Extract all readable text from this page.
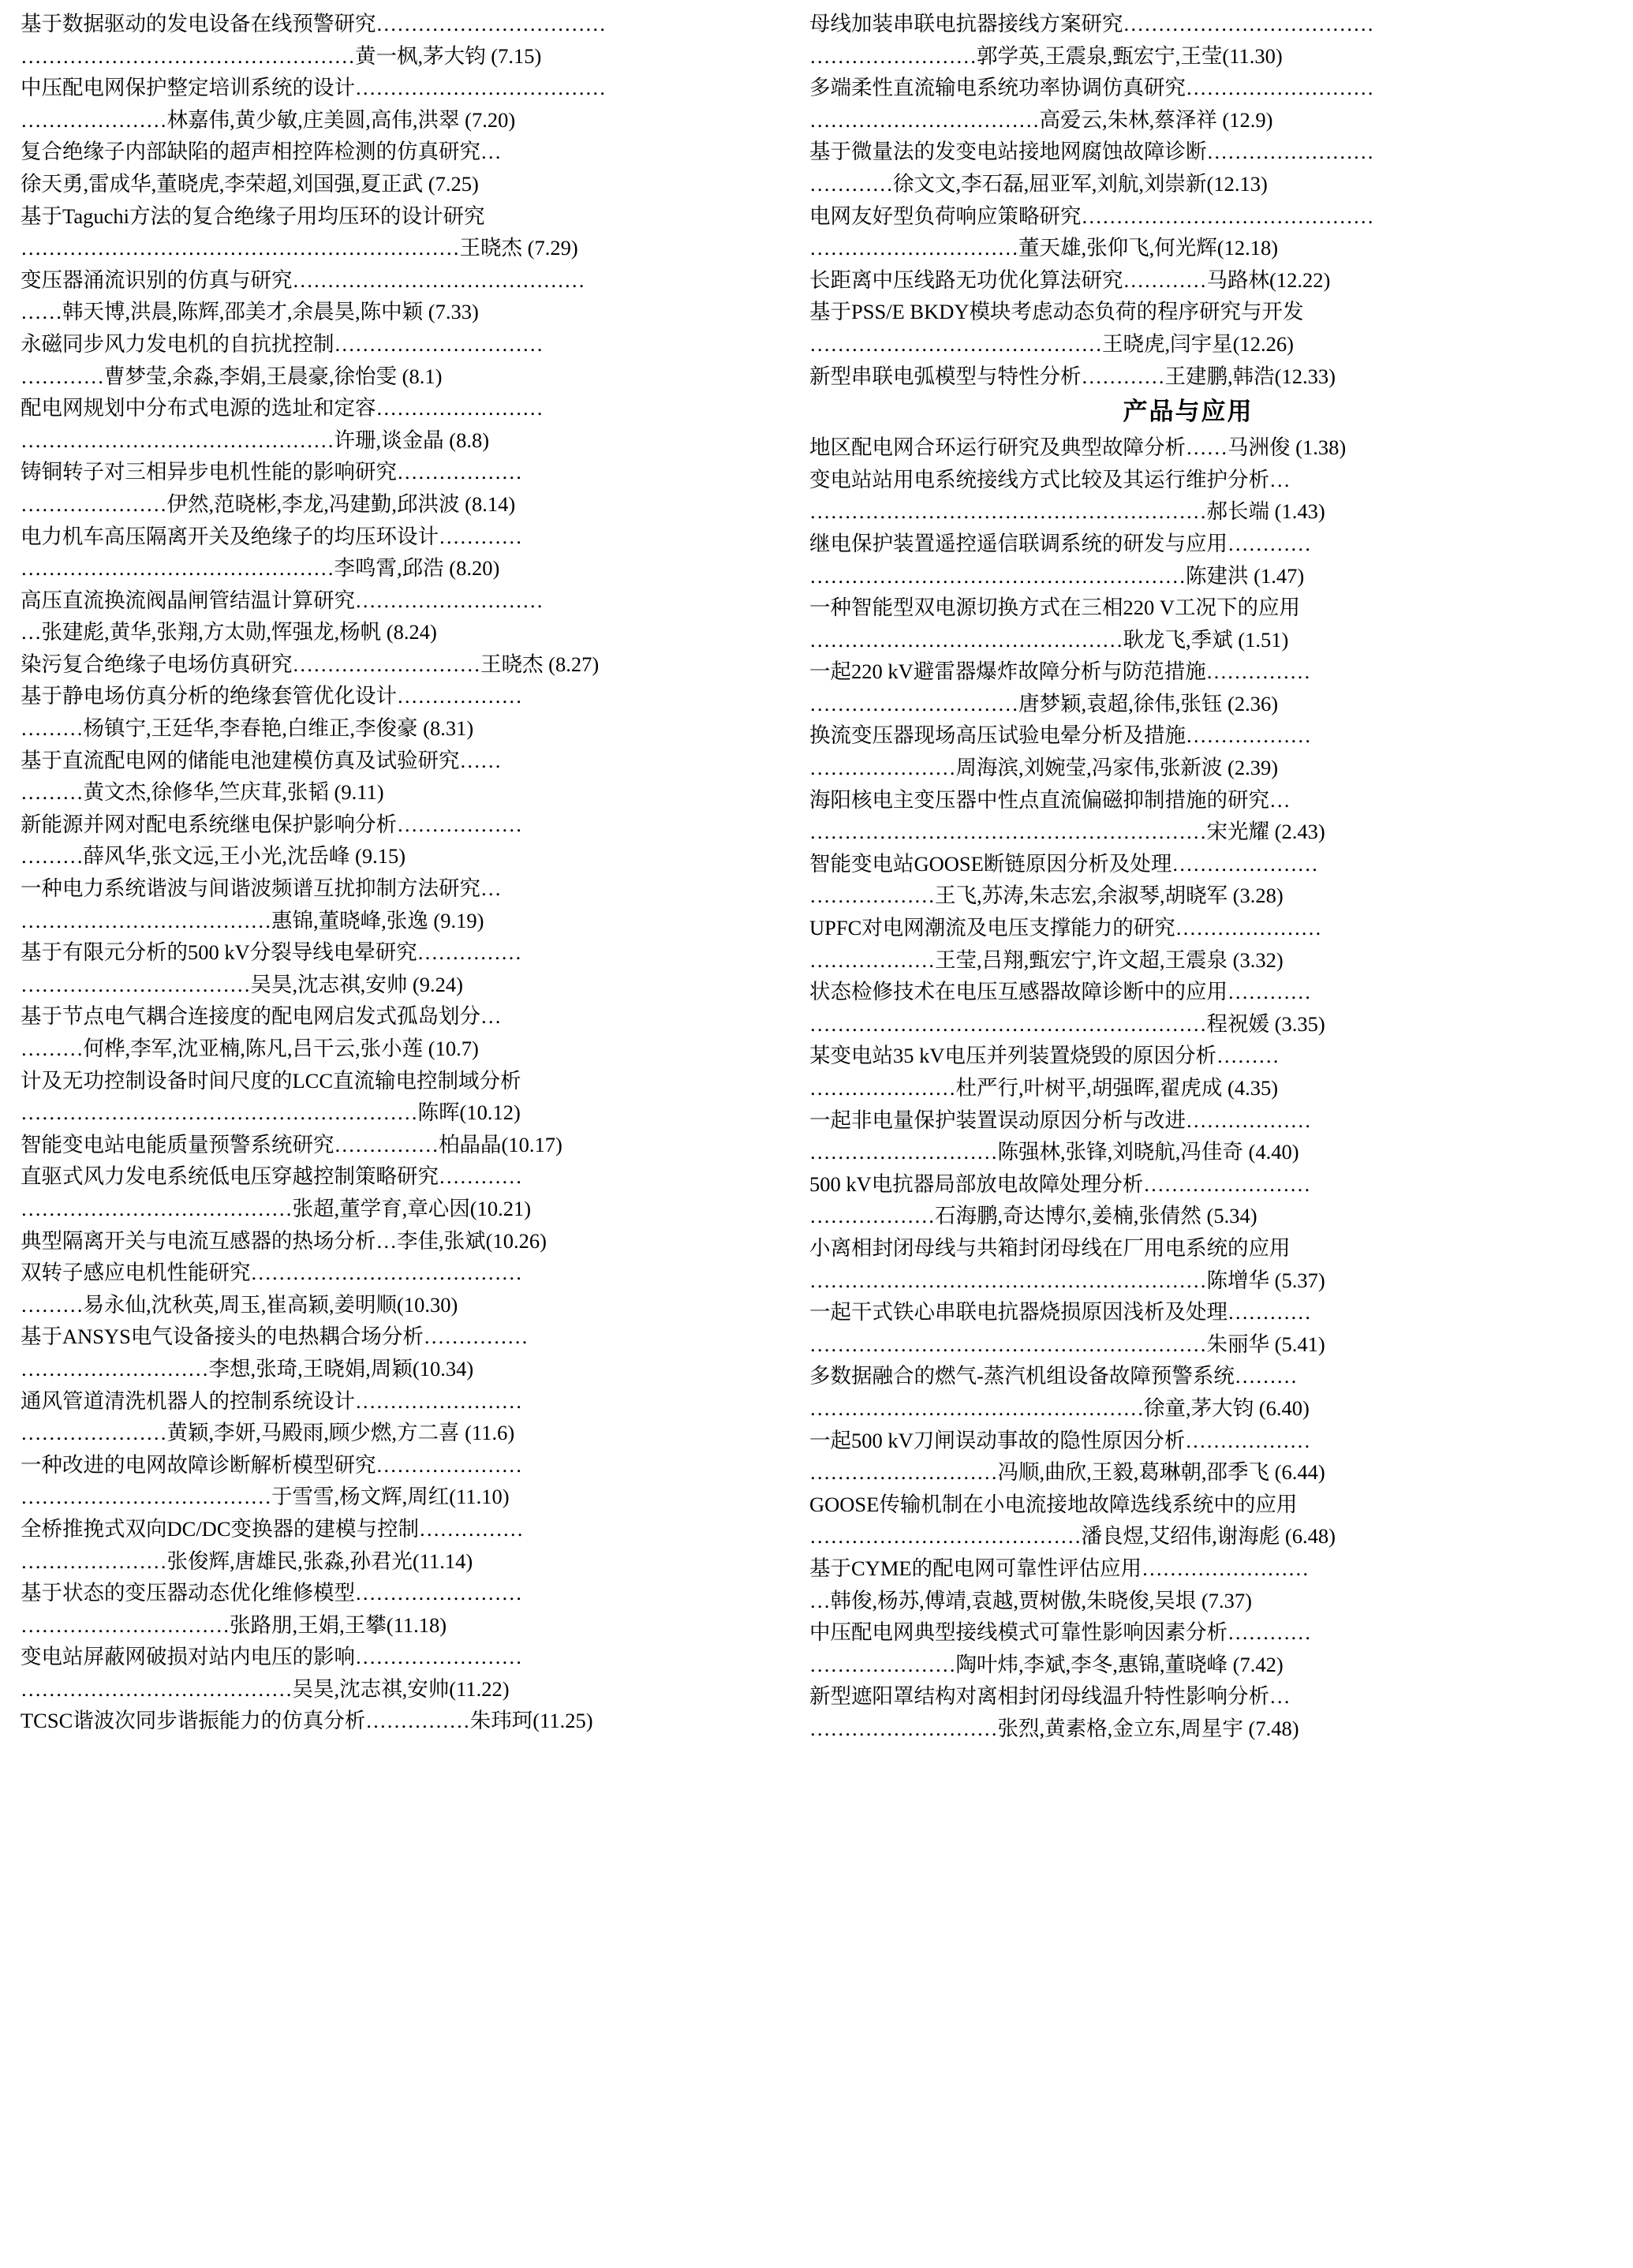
基于数据驱动的发电设备在线预警研究……………………………
…………………………………………黄一枫,茅大钧 (7.15)
中压配电网保护整定培训系统的设计………………………………
…………………林嘉伟,黄少敏,庄美圆,高伟,洪翠 (7.20)
复合绝缘子内部缺陷的超声相控阵检测的仿真研究…
徐天勇,雷成华,董晓虎,李荣超,刘国强,夏正武 (7.25)
基于Taguchi方法的复合绝缘子用均压环的设计研究
………………………………………………………王晓杰 (7.29)
变压器涌流识别的仿真与研究……………………………………
……韩天博,洪晨,陈辉,邵美才,余晨昊,陈中颖 (7.33)
永磁同步风力发电机的自抗扰控制…………………………
…………曹梦莹,余淼,李娟,王晨豪,徐怡雯 (8.1)
配电网规划中分布式电源的选址和定容……………………
………………………………………许珊,谈金晶 (8.8)
铸铜转子对三相异步电机性能的影响研究………………
…………………伊然,范晓彬,李龙,冯建勤,邱洪波 (8.14)
电力机车高压隔离开关及绝缘子的均压环设计…………
………………………………………李鸣霄,邱浩 (8.20)
高压直流换流阀晶闸管结温计算研究………………………
…张建彪,黄华,张翔,方太勋,恽强龙,杨帆 (8.24)
染污复合绝缘子电场仿真研究………………………王晓杰 (8.27)
基于静电场仿真分析的绝缘套管优化设计………………
………杨镇宁,王廷华,李春艳,白维正,李俊豪 (8.31)
基于直流配电网的储能电池建模仿真及试验研究……
………黄文杰,徐修华,竺庆茸,张韬 (9.11)
新能源并网对配电系统继电保护影响分析………………
………薛风华,张文远,王小光,沈岳峰 (9.15)
一种电力系统谐波与间谐波频谱互扰抑制方法研究…
………………………………惠锦,董晓峰,张逸 (9.19)
基于有限元分析的500 kV分裂导线电晕研究……………
……………………………吴昊,沈志祺,安帅 (9.24)
基于节点电气耦合连接度的配电网启发式孤岛划分…
………何桦,李军,沈亚楠,陈凡,吕干云,张小莲 (10.7)
计及无功控制设备时间尺度的LCC直流输电控制域分析
…………………………………………………陈晖(10.12)
智能变电站电能质量预警系统研究……………柏晶晶(10.17)
直驱式风力发电系统低电压穿越控制策略研究…………
…………………………………张超,董学育,章心因(10.21)
典型隔离开关与电流互感器的热场分析…李佳,张斌(10.26)
双转子感应电机性能研究…………………………………
………易永仙,沈秋英,周玉,崔高颖,姜明顺(10.30)
基于ANSYS电气设备接头的电热耦合场分析……………
………………………李想,张琦,王晓娟,周颖(10.34)
通风管道清洗机器人的控制系统设计……………………
…………………黄颖,李妍,马殿雨,顾少燃,方二喜 (11.6)
一种改进的电网故障诊断解析模型研究…………………
………………………………于雪雪,杨文辉,周红(11.10)
全桥推挽式双向DC/DC变换器的建模与控制……………
…………………张俊辉,唐雄民,张淼,孙君光(11.14)
基于状态的变压器动态优化维修模型……………………
…………………………张路朋,王娟,王攀(11.18)
变电站屏蔽网破损对站内电压的影响……………………
…………………………………吴昊,沈志祺,安帅(11.22)
TCSC谐波次同步谐振能力的仿真分析……………朱玮珂(11.25)
母线加装串联电抗器接线方案研究………………………………
……………………郭学英,王震泉,甄宏宁,王莹(11.30)
多端柔性直流输电系统功率协调仿真研究………………………
……………………………高爱云,朱林,蔡泽祥 (12.9)
基于微量法的发变电站接地网腐蚀故障诊断……………………
…………徐文文,李石磊,屈亚军,刘航,刘崇新(12.13)
电网友好型负荷响应策略研究……………………………………
…………………………董天雄,张仰飞,何光辉(12.18)
长距离中压线路无功优化算法研究…………马路林(12.22)
基于PSS/E BKDY模块考虑动态负荷的程序研究与开发
……………………………………王晓虎,闫宇星(12.26)
新型串联电弧模型与特性分析…………王建鹏,韩浩(12.33)
产品与应用
地区配电网合环运行研究及典型故障分析……马洲俊 (1.38)
变电站站用电系统接线方式比较及其运行维护分析…
…………………………………………………郝长端 (1.43)
继电保护装置遥控遥信联调系统的研发与应用…………
………………………………………………陈建洪 (1.47)
一种智能型双电源切换方式在三相220 V工况下的应用
………………………………………耿龙飞,季斌 (1.51)
一起220 kV避雷器爆炸故障分析与防范措施……………
…………………………唐梦颖,袁超,徐伟,张钰 (2.36)
换流变压器现场高压试验电晕分析及措施………………
…………………周海滨,刘婉莹,冯家伟,张新波 (2.39)
海阳核电主变压器中性点直流偏磁抑制措施的研究…
…………………………………………………宋光耀 (2.43)
智能变电站GOOSE断链原因分析及处理…………………
………………王飞,苏涛,朱志宏,余淑琴,胡晓军 (3.28)
UPFC对电网潮流及电压支撑能力的研究…………………
………………王莹,吕翔,甄宏宁,许文超,王震泉 (3.32)
状态检修技术在电压互感器故障诊断中的应用…………
…………………………………………………程祝媛 (3.35)
某变电站35 kV电压并列装置烧毁的原因分析………
…………………杜严行,叶树平,胡强晖,翟虎成 (4.35)
一起非电量保护装置误动原因分析与改进………………
………………………陈强林,张锋,刘晓航,冯佳奇 (4.40)
500 kV电抗器局部放电故障处理分析……………………
………………石海鹏,奇达博尔,姜楠,张倩然 (5.34)
小离相封闭母线与共箱封闭母线在厂用电系统的应用
…………………………………………………陈增华 (5.37)
一起干式铁心串联电抗器烧损原因浅析及处理…………
…………………………………………………朱丽华 (5.41)
多数据融合的燃气-蒸汽机组设备故障预警系统………
…………………………………………徐童,茅大钧 (6.40)
一起500 kV刀闸误动事故的隐性原因分析………………
………………………冯顺,曲欣,王毅,葛琳朝,邵季飞 (6.44)
GOOSE传输机制在小电流接地故障选线系统中的应用
…………………………………潘良煜,艾绍伟,谢海彪 (6.48)
基于CYME的配电网可靠性评估应用……………………
…韩俊,杨苏,傅靖,袁越,贾树傲,朱晓俊,吴垠 (7.37)
中压配电网典型接线模式可靠性影响因素分析…………
…………………陶叶炜,李斌,李冬,惠锦,董晓峰 (7.42)
新型遮阳罩结构对离相封闭母线温升特性影响分析…
………………………张烈,黄素格,金立东,周星宇 (7.48)
